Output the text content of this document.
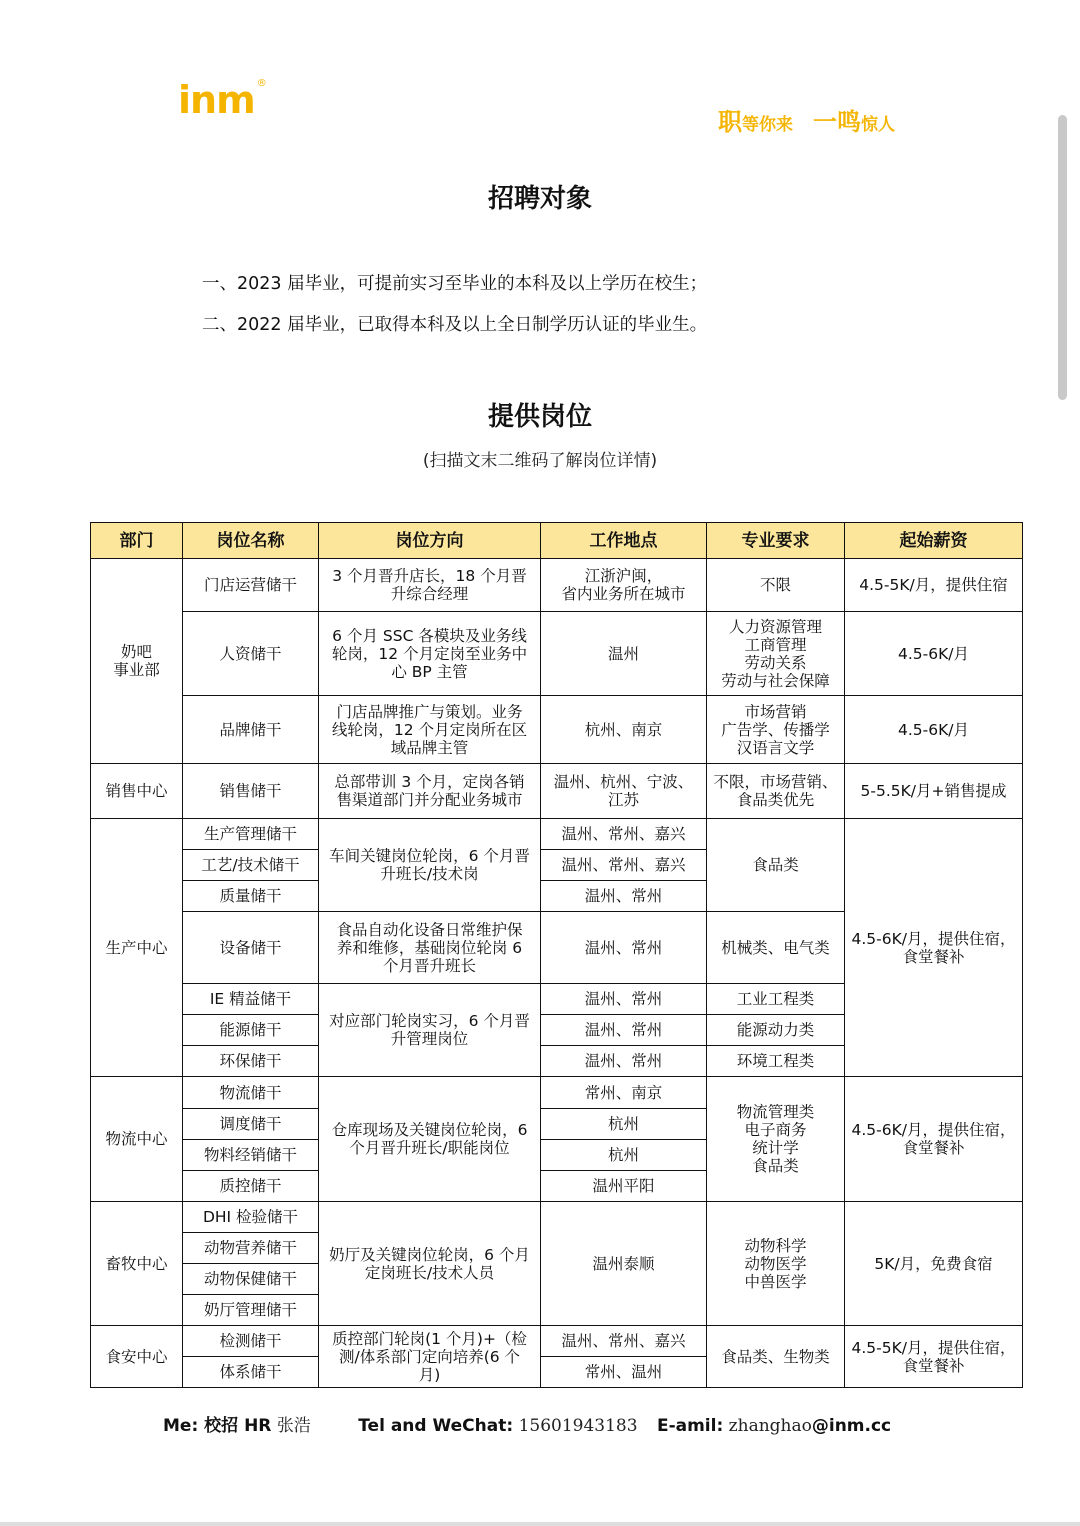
inm ®
职等你来 一鸣惊人
招聘对象
一、2023 届毕业，可提前实习至毕业的本科及以上学历在校生；
二、2022 届毕业，已取得本科及以上全日制学历认证的毕业生。
提供岗位
(扫描文末二维码了解岗位详情)
部门	岗位名称	岗位方向	工作地点	专业要求	起始薪资
奶吧
事业部	门店运营储干	3 个月晋升店长，18 个月晋
升综合经理	江浙沪闽，
省内业务所在城市	不限	4.5-5K/月，提供住宿
	人资储干	6 个月 SSC 各模块及业务线
轮岗，12 个月定岗至业务中
心 BP 主管	温州	人力资源管理
工商管理
劳动关系
劳动与社会保障	4.5-6K/月
	品牌储干	门店品牌推广与策划。业务
线轮岗，12 个月定岗所在区
域品牌主管	杭州、南京	市场营销
广告学、传播学
汉语言文学	4.5-6K/月
销售中心	销售储干	总部带训 3 个月，定岗各销
售渠道部门并分配业务城市	温州、杭州、宁波、
江苏	不限，市场营销、
食品类优先	5-5.5K/月+销售提成
生产中心	生产管理储干	车间关键岗位轮岗，6 个月晋
升班长/技术岗	温州、常州、嘉兴	食品类	4.5-6K/月，提供住宿，
食堂餐补
	工艺/技术储干		温州、常州、嘉兴		
	质量储干		温州、常州		
	设备储干	食品自动化设备日常维护保
养和维修，基础岗位轮岗 6
个月晋升班长	温州、常州	机械类、电气类	
	IE 精益储干	对应部门轮岗实习，6 个月晋
升管理岗位	温州、常州	工业工程类	
	能源储干		温州、常州	能源动力类	
	环保储干		温州、常州	环境工程类	
物流中心	物流储干	仓库现场及关键岗位轮岗，6
个月晋升班长/职能岗位	常州、南京	物流管理类
电子商务
统计学
食品类	4.5-6K/月，提供住宿，
食堂餐补
	调度储干		杭州		
	物料经销储干		杭州		
	质控储干		温州平阳		
畜牧中心	DHI 检验储干	奶厅及关键岗位轮岗，6 个月
定岗班长/技术人员	温州泰顺	动物科学
动物医学
中兽医学	5K/月，免费食宿
	动物营养储干				
	动物保健储干				
	奶厅管理储干				
食安中心	检测储干	质控部门轮岗(1 个月)+（检
测/体系部门定向培养(6 个
月)	温州、常州、嘉兴	食品类、生物类	4.5-5K/月，提供住宿，
食堂餐补
	体系储干		常州、温州		
Me: 校招 HR 张浩	Tel and WeChat: 15601943183 E-amil: zhanghao@inm.cc
